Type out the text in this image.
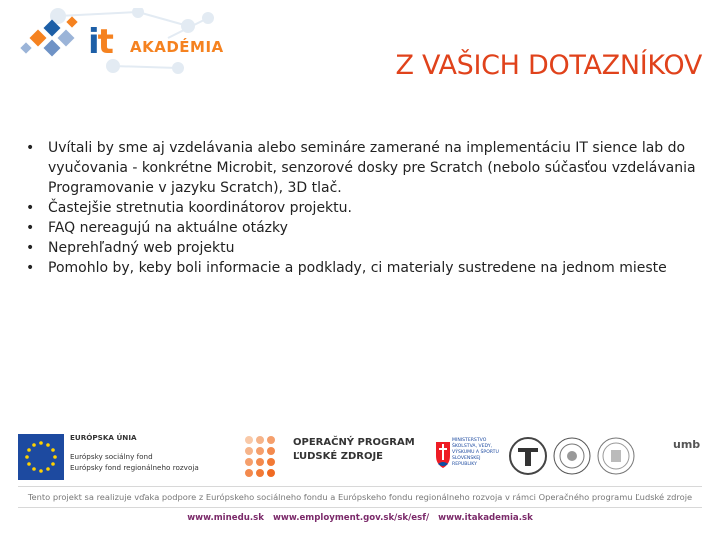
it AKADÉMIA
Z VAŠICH DOTAZNÍKOV
• Uvítali by sme aj vzdelávania alebo semináre zamerané na implementáciu IT sience lab do vyučovania - konkrétne Microbit, senzorové dosky pre Scratch (nebolo súčasťou vzdelávania Programovanie v jazyku Scratch), 3D tlač.
• Častejšie stretnutia koordinátorov projektu.
• FAQ nereagujú na aktuálne otázky
• Neprehľadný web projektu
• Pomohlo by, keby boli informacie a podklady, ci materialy sustredene na jednom mieste
EURÓPSKA ÚNIA
Európsky sociálny fond
Európsky fond regionálneho rozvoja
OPERAČNÝ PROGRAM
ĽUDSKÉ ZDROJE
MINISTERSTVO ŠKOLSTVA, VEDY, VÝSKUMU A ŠPORTU SLOVENSKEJ REPUBLIKY
umb
Tento projekt sa realizuje vďaka podpore z Európskeho sociálneho fondu a Európskeho fondu regionálneho rozvoja v rámci Operačného programu Ľudské zdroje
www.minedu.sk www.employment.gov.sk/sk/esf/ www.itakademia.sk
